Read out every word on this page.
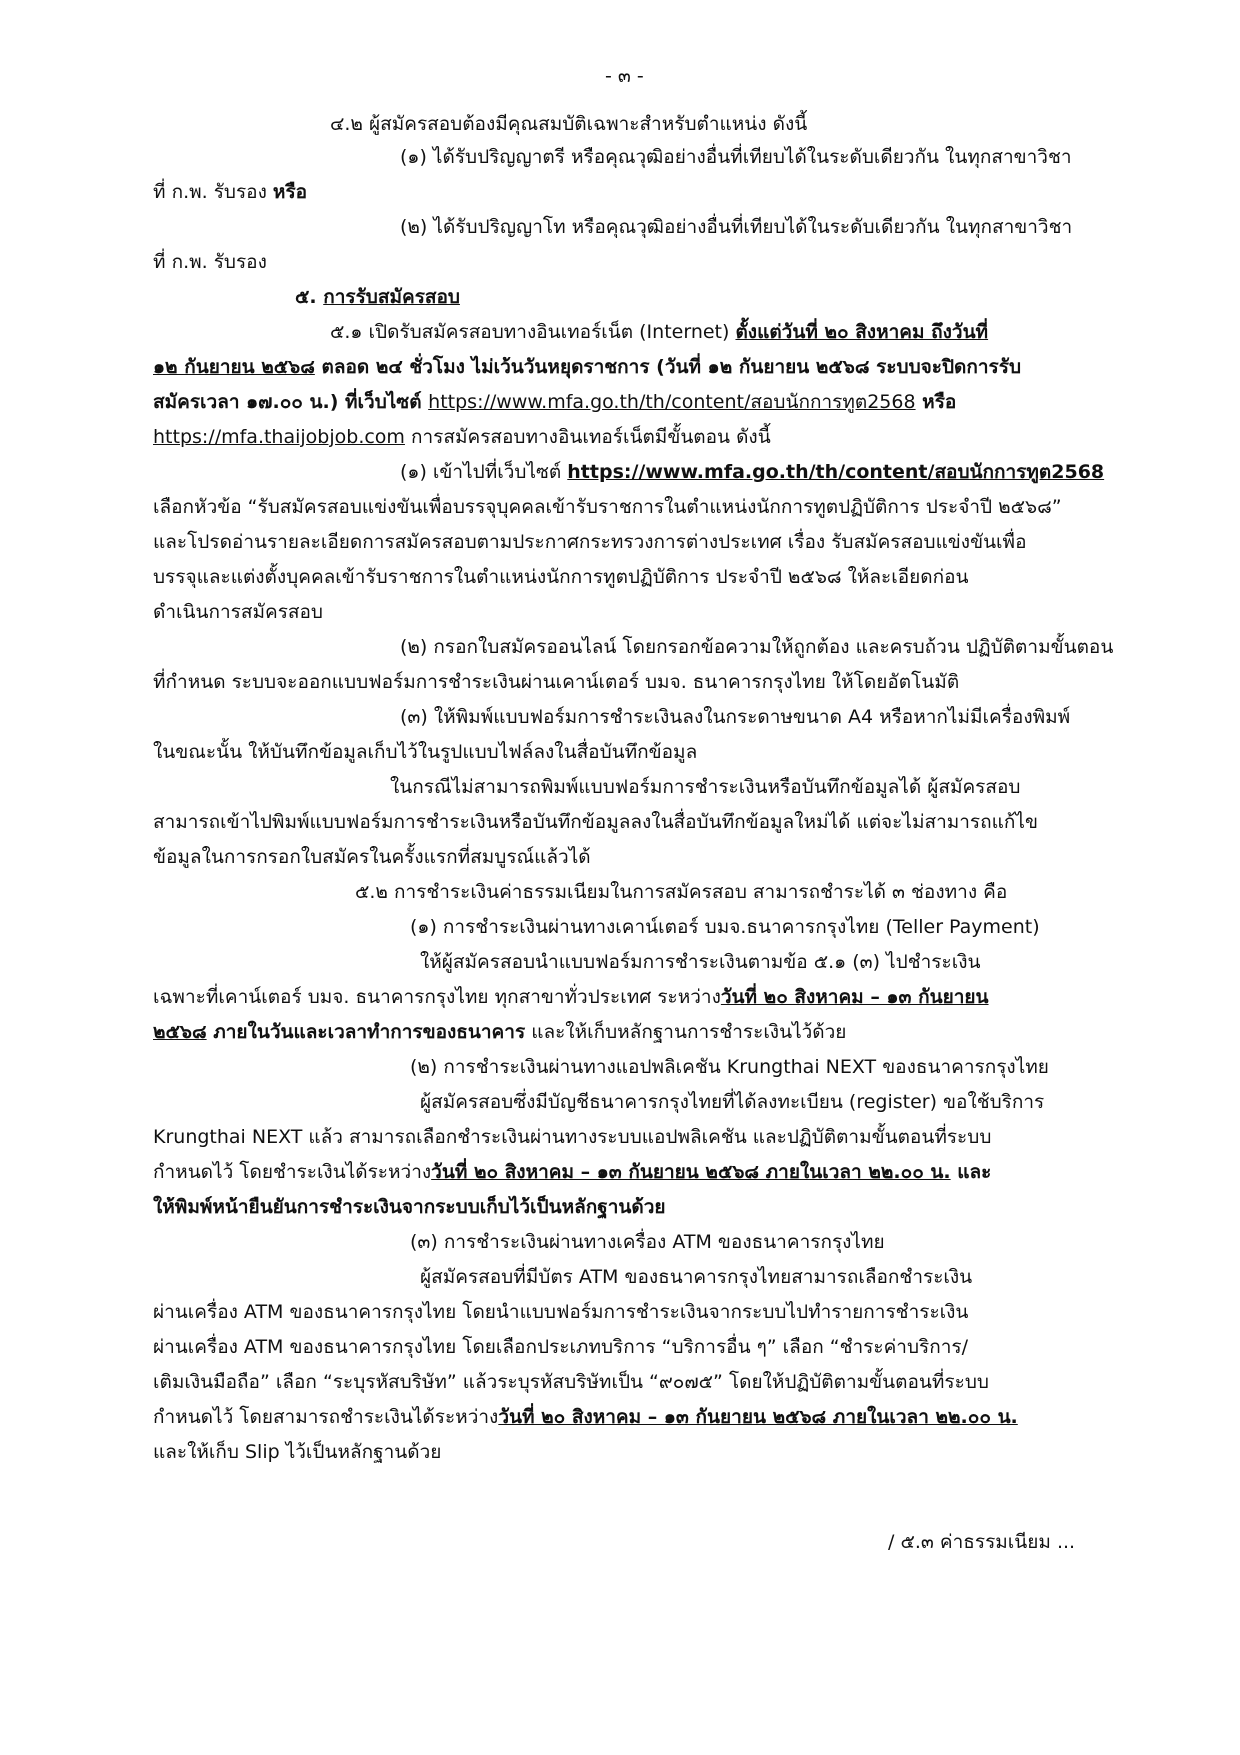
- ๓ -
๔.๒ ผู้สมัครสอบต้องมีคุณสมบัติเฉพาะสำหรับตำแหน่ง ดังนี้
(๑) ได้รับปริญญาตรี หรือคุณวุฒิอย่างอื่นที่เทียบได้ในระดับเดียวกัน ในทุกสาขาวิชา
ที่ ก.พ. รับรอง หรือ
(๒) ได้รับปริญญาโท หรือคุณวุฒิอย่างอื่นที่เทียบได้ในระดับเดียวกัน ในทุกสาขาวิชา
ที่ ก.พ. รับรอง
๕. การรับสมัครสอบ
๕.๑ เปิดรับสมัครสอบทางอินเทอร์เน็ต (Internet) ตั้งแต่วันที่ ๒๐ สิงหาคม ถึงวันที่
๑๒ กันยายน ๒๕๖๘ ตลอด ๒๔ ชั่วโมง ไม่เว้นวันหยุดราชการ (วันที่ ๑๒ กันยายน ๒๕๖๘ ระบบจะปิดการรับ
สมัครเวลา ๑๗.๐๐ น.) ที่เว็บไซต์ https://www.mfa.go.th/th/content/สอบนักการทูต2568 หรือ
https://mfa.thaijobjob.com การสมัครสอบทางอินเทอร์เน็ตมีขั้นตอน ดังนี้
(๑) เข้าไปที่เว็บไซต์ https://www.mfa.go.th/th/content/สอบนักการทูต2568
เลือกหัวข้อ “รับสมัครสอบแข่งขันเพื่อบรรจุบุคคลเข้ารับราชการในตำแหน่งนักการทูตปฏิบัติการ ประจำปี ๒๕๖๘”
และโปรดอ่านรายละเอียดการสมัครสอบตามประกาศกระทรวงการต่างประเทศ เรื่อง รับสมัครสอบแข่งขันเพื่อ
บรรจุและแต่งตั้งบุคคลเข้ารับราชการในตำแหน่งนักการทูตปฏิบัติการ ประจำปี ๒๕๖๘ ให้ละเอียดก่อน
ดำเนินการสมัครสอบ
(๒) กรอกใบสมัครออนไลน์ โดยกรอกข้อความให้ถูกต้อง และครบถ้วน ปฏิบัติตามขั้นตอน
ที่กำหนด ระบบจะออกแบบฟอร์มการชำระเงินผ่านเคาน์เตอร์ บมจ. ธนาคารกรุงไทย ให้โดยอัตโนมัติ
(๓) ให้พิมพ์แบบฟอร์มการชำระเงินลงในกระดาษขนาด A4 หรือหากไม่มีเครื่องพิมพ์
ในขณะนั้น ให้บันทึกข้อมูลเก็บไว้ในรูปแบบไฟล์ลงในสื่อบันทึกข้อมูล
ในกรณีไม่สามารถพิมพ์แบบฟอร์มการชำระเงินหรือบันทึกข้อมูลได้ ผู้สมัครสอบ
สามารถเข้าไปพิมพ์แบบฟอร์มการชำระเงินหรือบันทึกข้อมูลลงในสื่อบันทึกข้อมูลใหม่ได้ แต่จะไม่สามารถแก้ไข
ข้อมูลในการกรอกใบสมัครในครั้งแรกที่สมบูรณ์แล้วได้
๕.๒ การชำระเงินค่าธรรมเนียมในการสมัครสอบ สามารถชำระได้ ๓ ช่องทาง คือ
(๑) การชำระเงินผ่านทางเคาน์เตอร์ บมจ.ธนาคารกรุงไทย (Teller Payment)
ให้ผู้สมัครสอบนำแบบฟอร์มการชำระเงินตามข้อ ๕.๑ (๓) ไปชำระเงิน
เฉพาะที่เคาน์เตอร์ บมจ. ธนาคารกรุงไทย ทุกสาขาทั่วประเทศ ระหว่างวันที่ ๒๐ สิงหาคม – ๑๓ กันยายน
๒๕๖๘ ภายในวันและเวลาทำการของธนาคาร และให้เก็บหลักฐานการชำระเงินไว้ด้วย
(๒) การชำระเงินผ่านทางแอปพลิเคชัน Krungthai NEXT ของธนาคารกรุงไทย
ผู้สมัครสอบซึ่งมีบัญชีธนาคารกรุงไทยที่ได้ลงทะเบียน (register) ขอใช้บริการ
Krungthai NEXT แล้ว สามารถเลือกชำระเงินผ่านทางระบบแอปพลิเคชัน และปฏิบัติตามขั้นตอนที่ระบบ
กำหนดไว้ โดยชำระเงินได้ระหว่างวันที่ ๒๐ สิงหาคม – ๑๓ กันยายน ๒๕๖๘ ภายในเวลา ๒๒.๐๐ น. และ
ให้พิมพ์หน้ายืนยันการชำระเงินจากระบบเก็บไว้เป็นหลักฐานด้วย
(๓) การชำระเงินผ่านทางเครื่อง ATM ของธนาคารกรุงไทย
ผู้สมัครสอบที่มีบัตร ATM ของธนาคารกรุงไทยสามารถเลือกชำระเงิน
ผ่านเครื่อง ATM ของธนาคารกรุงไทย โดยนำแบบฟอร์มการชำระเงินจากระบบไปทำรายการชำระเงิน
ผ่านเครื่อง ATM ของธนาคารกรุงไทย โดยเลือกประเภทบริการ “บริการอื่น ๆ” เลือก “ชำระค่าบริการ/
เติมเงินมือถือ” เลือก “ระบุรหัสบริษัท” แล้วระบุรหัสบริษัทเป็น “๙๐๗๕” โดยให้ปฏิบัติตามขั้นตอนที่ระบบ
กำหนดไว้ โดยสามารถชำระเงินได้ระหว่างวันที่ ๒๐ สิงหาคม – ๑๓ กันยายน ๒๕๖๘ ภายในเวลา ๒๒.๐๐ น.
และให้เก็บ Slip ไว้เป็นหลักฐานด้วย
/ ๕.๓ ค่าธรรมเนียม ...
